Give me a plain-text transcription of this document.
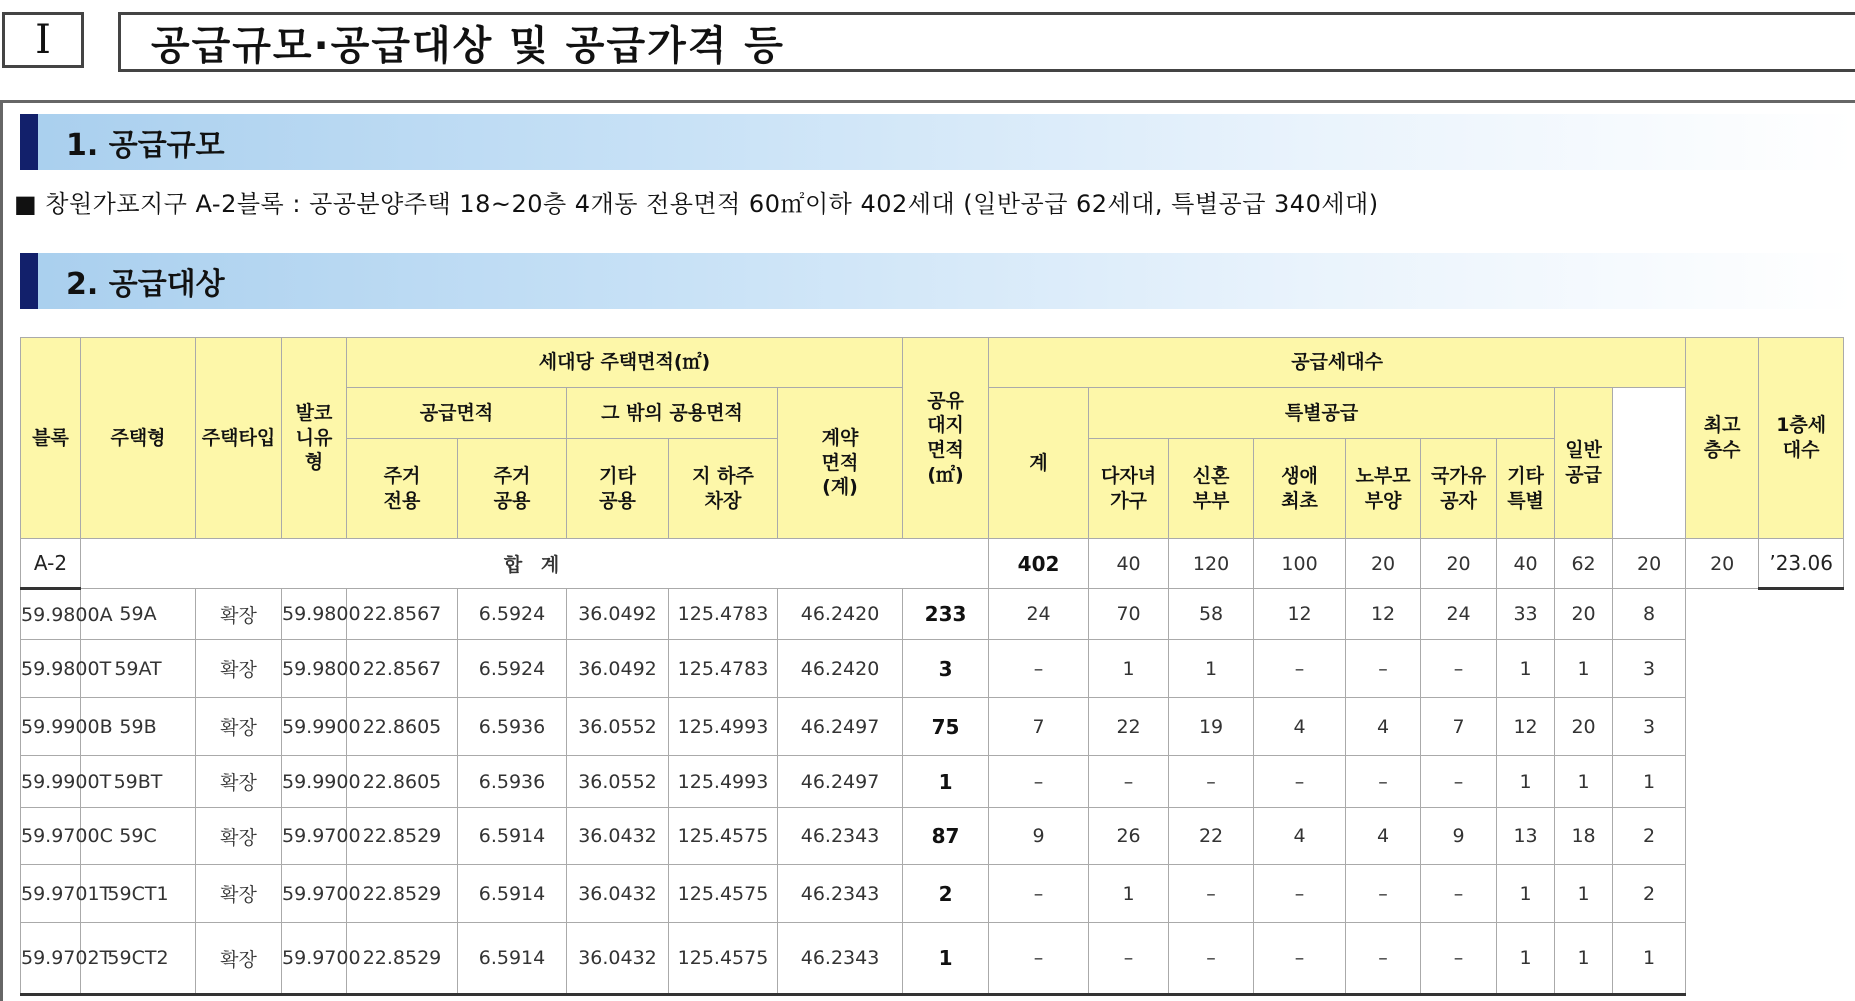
Ⅰ	공급규모·공급대상 및 공급가격 등
1. 공급규모
■ 창원가포지구 A-2블록 : 공공분양주택 18~20층 4개동 전용면적 60㎡이하 402세대 (일반공급 62세대, 특별공급 340세대)
2. 공급대상
블록	주택형	주택타입	발코니유형	세대당 주택면적(㎡)					공유대지면적(㎡)	공급세대수									최고층수	1층세대수	
				공급면적		그 밖의 공용면적		계약면적(계)		계	특별공급						일반공급				
				주거전용	주거공용	기타공용	지 하주차장				다자녀가구	신혼부부	생애최초	노부모부양	국가유공자	기타특별					
A-2	합 계									402	40	120	100	20	20	40	62	20	20	’23.06	
59.9800A	59A	확장	59.9800	22.8567	6.5924	36.0492	125.4783	46.2420	233	24	70	58	12	12	24	33	20	8			
59.9800T	59AT	확장	59.9800	22.8567	6.5924	36.0492	125.4783	46.2420	3	–	1	1	–	–	–	1	1	3			
59.9900B	59B	확장	59.9900	22.8605	6.5936	36.0552	125.4993	46.2497	75	7	22	19	4	4	7	12	20	3			
59.9900T	59BT	확장	59.9900	22.8605	6.5936	36.0552	125.4993	46.2497	1	–	–	–	–	–	–	1	1	1			
59.9700C	59C	확장	59.9700	22.8529	6.5914	36.0432	125.4575	46.2343	87	9	26	22	4	4	9	13	18	2			
59.9701T	59CT1	확장	59.9700	22.8529	6.5914	36.0432	125.4575	46.2343	2	–	1	–	–	–	–	1	1	2			
59.9702T	59CT2	확장	59.9700	22.8529	6.5914	36.0432	125.4575	46.2343	1	–	–	–	–	–	–	1	1	1			
